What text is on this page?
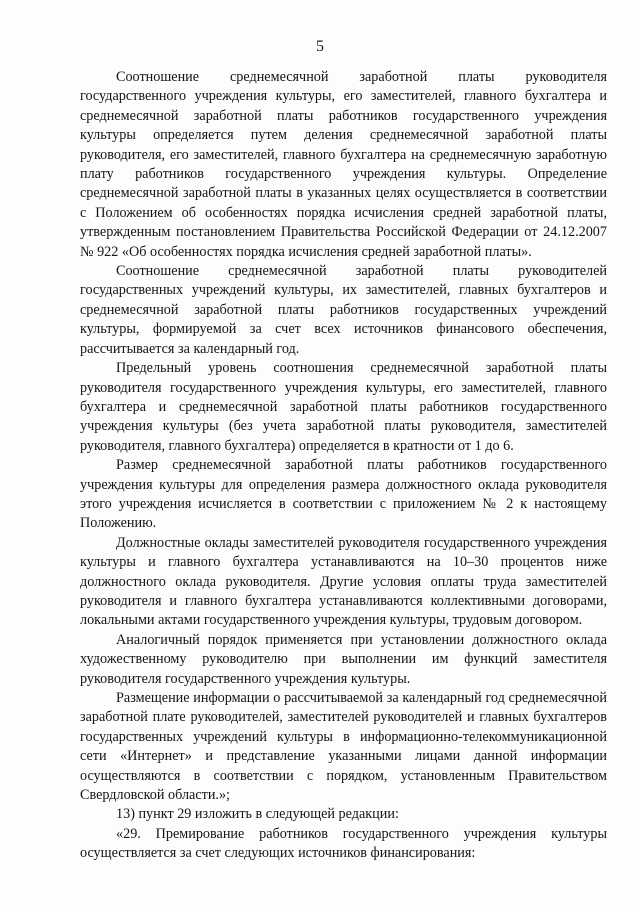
5

Соотношение среднемесячной заработной платы руководителя государственного учреждения культуры, его заместителей, главного бухгалтера и среднемесячной заработной платы работников государственного учреждения культуры определяется путем деления среднемесячной заработной платы руководителя, его заместителей, главного бухгалтера на среднемесячную заработную плату работников государственного учреждения культуры. Определение среднемесячной заработной платы в указанных целях осуществляется в соответствии с Положением об особенностях порядка исчисления средней заработной платы, утвержденным постановлением Правительства Российской Федерации от 24.12.2007 № 922 «Об особенностях порядка исчисления средней заработной платы».

Соотношение среднемесячной заработной платы руководителей государственных учреждений культуры, их заместителей, главных бухгалтеров и среднемесячной заработной платы работников государственных учреждений культуры, формируемой за счет всех источников финансового обеспечения, рассчитывается за календарный год.

Предельный уровень соотношения среднемесячной заработной платы руководителя государственного учреждения культуры, его заместителей, главного бухгалтера и среднемесячной заработной платы работников государственного учреждения культуры (без учета заработной платы руководителя, заместителей руководителя, главного бухгалтера) определяется в кратности от 1 до 6.

Размер среднемесячной заработной платы работников государственного учреждения культуры для определения размера должностного оклада руководителя этого учреждения исчисляется в соответствии с приложением № 2 к настоящему Положению.

Должностные оклады заместителей руководителя государственного учреждения культуры и главного бухгалтера устанавливаются на 10–30 процентов ниже должностного оклада руководителя. Другие условия оплаты труда заместителей руководителя и главного бухгалтера устанавливаются коллективными договорами, локальными актами государственного учреждения культуры, трудовым договором.

Аналогичный порядок применяется при установлении должностного оклада художественному руководителю при выполнении им функций заместителя руководителя государственного учреждения культуры.

Размещение информации о рассчитываемой за календарный год среднемесячной заработной плате руководителей, заместителей руководителей и главных бухгалтеров государственных учреждений культуры в информационно-телекоммуникационной сети «Интернет» и представление указанными лицами данной информации осуществляются в соответствии с порядком, установленным Правительством Свердловской области.»;

13) пункт 29 изложить в следующей редакции:

«29. Премирование работников государственного учреждения культуры осуществляется за счет следующих источников финансирования:
